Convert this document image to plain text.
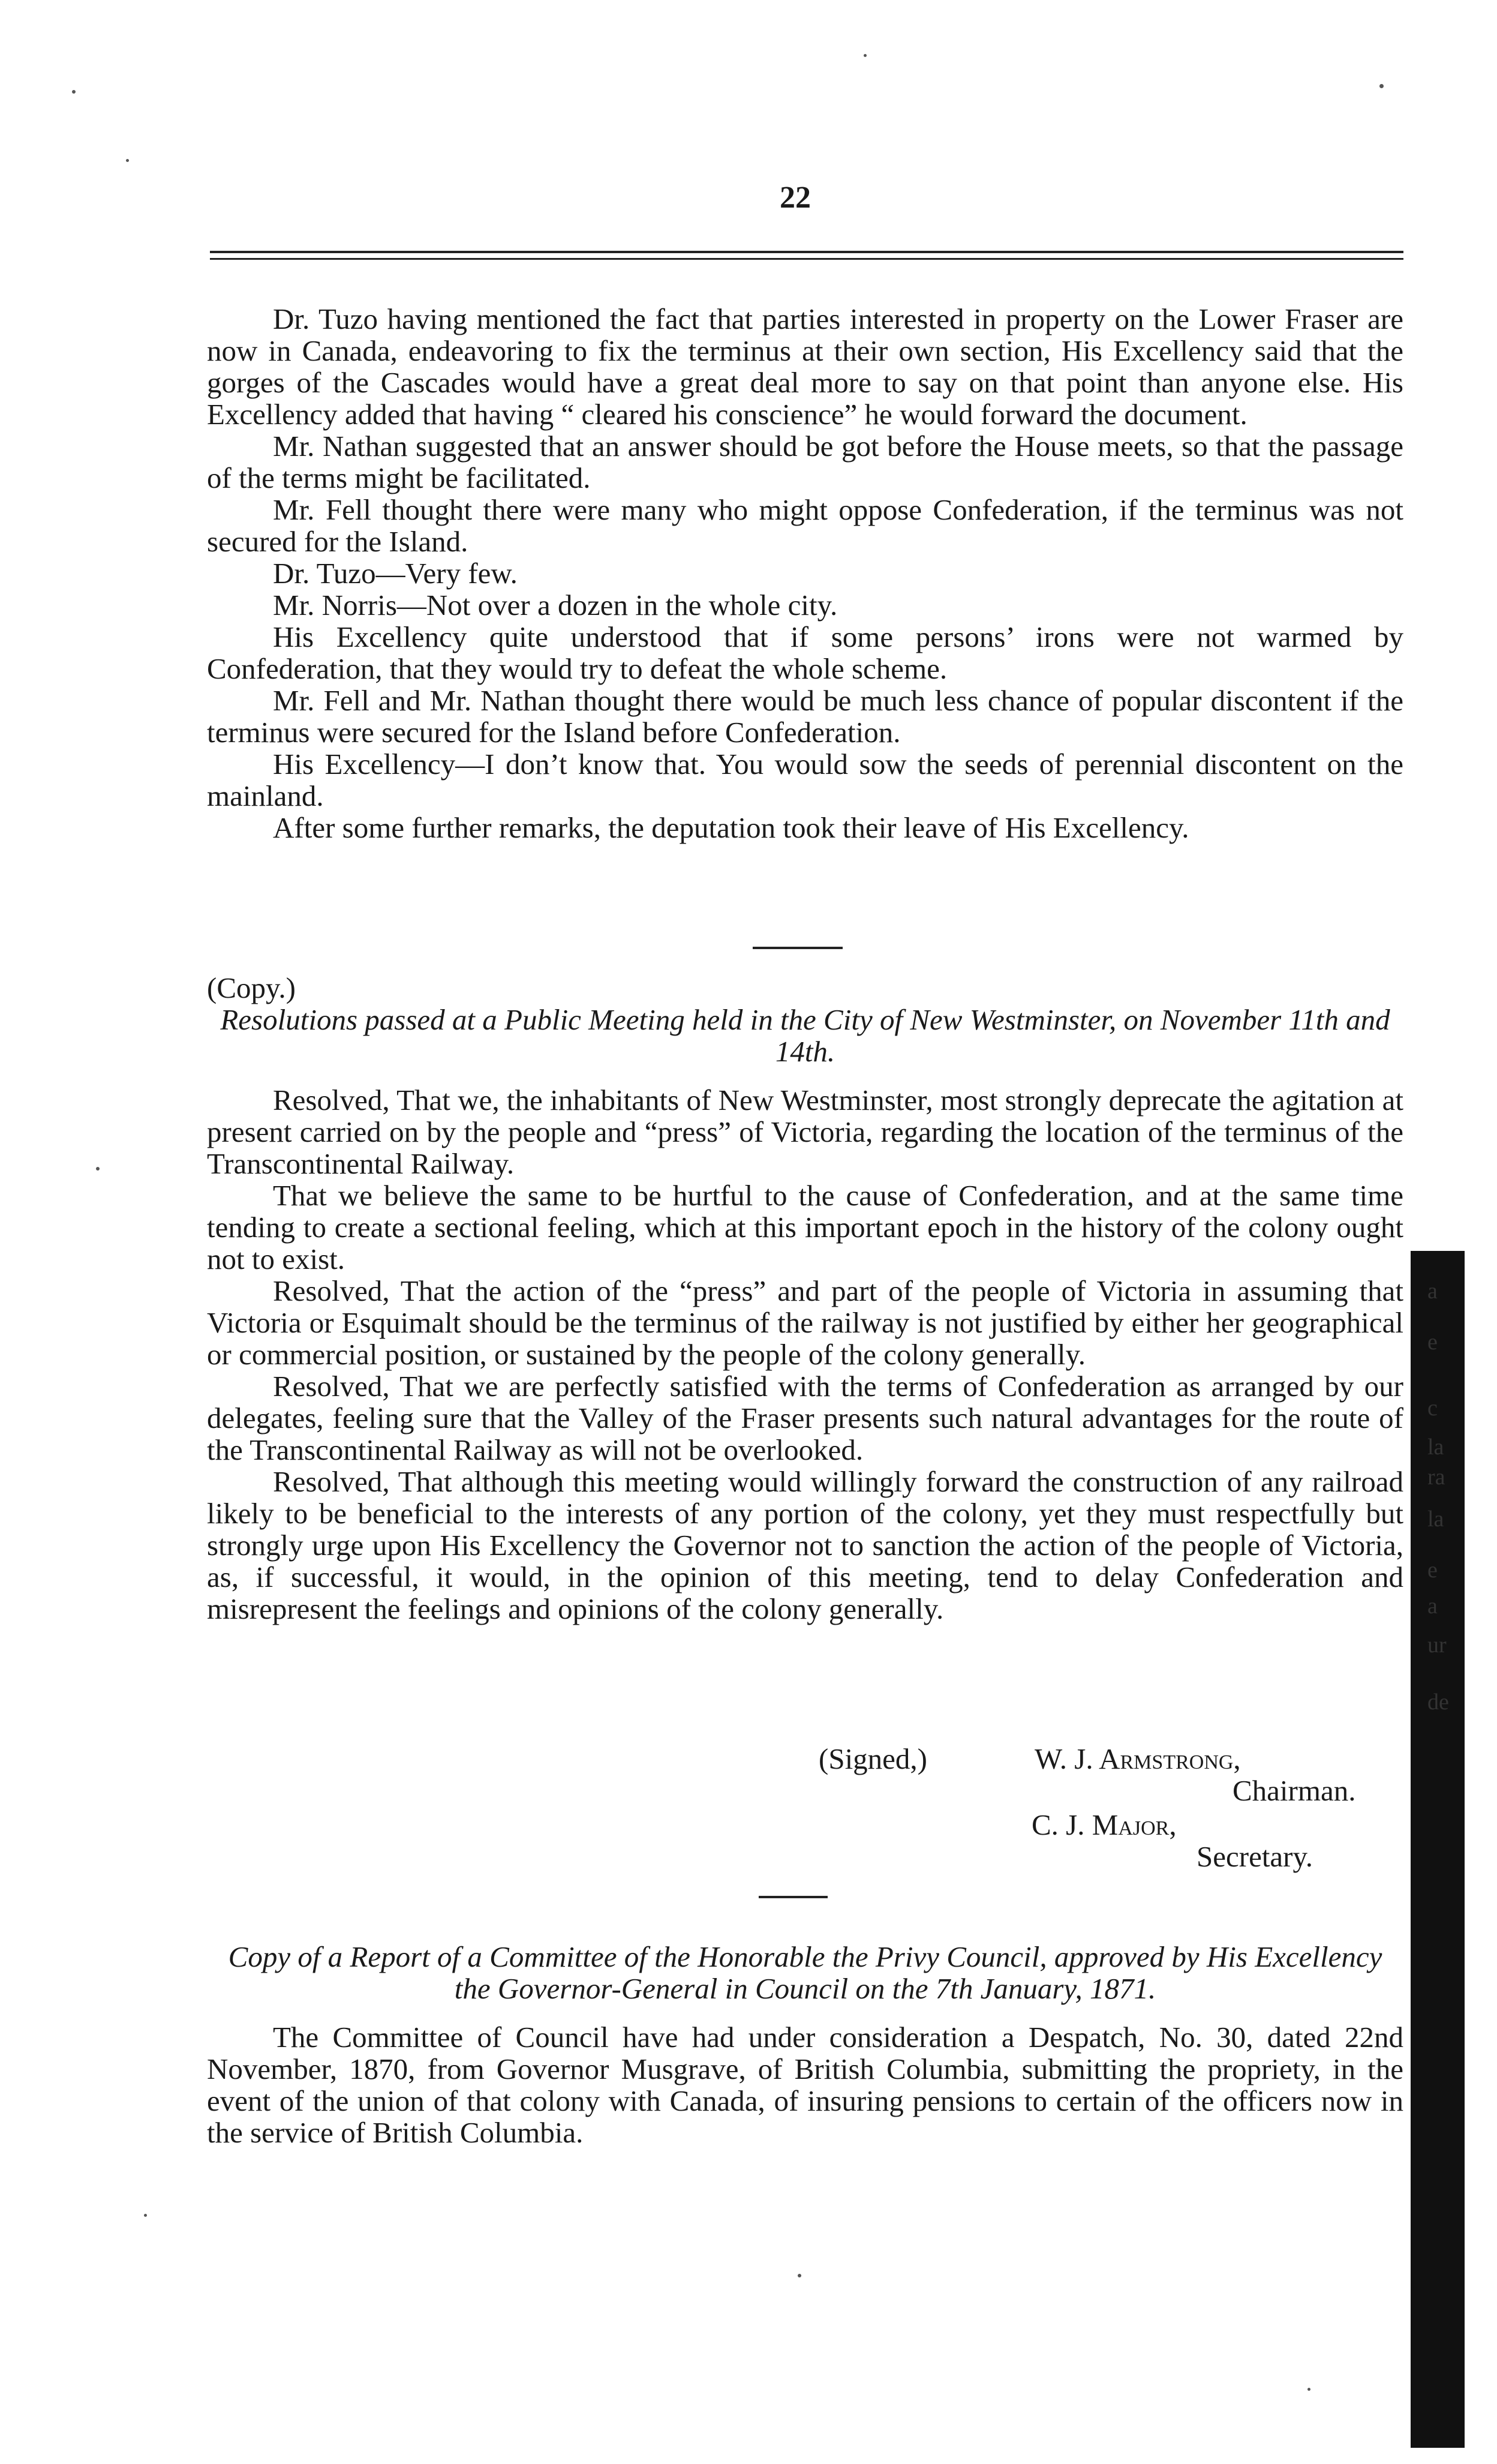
22

Dr. Tuzo having mentioned the fact that parties interested in property on the Lower Fraser are now in Canada, endeavoring to fix the terminus at their own section, His Excellency said that the gorges of the Cascades would have a great deal more to say on that point than anyone else. His Excellency added that having “ cleared his conscience” he would forward the document.

Mr. Nathan suggested that an answer should be got before the House meets, so that the passage of the terms might be facilitated.

Mr. Fell thought there were many who might oppose Confederation, if the terminus was not secured for the Island.

Dr. Tuzo—Very few.

Mr. Norris—Not over a dozen in the whole city.

His Excellency quite understood that if some persons’ irons were not warmed by Confederation, that they would try to defeat the whole scheme.

Mr. Fell and Mr. Nathan thought there would be much less chance of popular discontent if the terminus were secured for the Island before Confederation.

His Excellency—I don’t know that. You would sow the seeds of perennial discontent on the mainland.

After some further remarks, the deputation took their leave of His Excellency.

(Copy.)

Resolutions passed at a Public Meeting held in the City of New Westminster, on November 11th and 14th.

Resolved, That we, the inhabitants of New Westminster, most strongly deprecate the agitation at present carried on by the people and “press” of Victoria, regarding the location of the terminus of the Transcontinental Railway.

That we believe the same to be hurtful to the cause of Confederation, and at the same time tending to create a sectional feeling, which at this important epoch in the history of the colony ought not to exist.

Resolved, That the action of the “press” and part of the people of Victoria in assuming that Victoria or Esquimalt should be the terminus of the railway is not justified by either her geographical or commercial position, or sustained by the people of the colony generally.

Resolved, That we are perfectly satisfied with the terms of Confederation as arranged by our delegates, feeling sure that the Valley of the Fraser presents such natural advantages for the route of the Transcontinental Railway as will not be overlooked.

Resolved, That although this meeting would willingly forward the construction of any railroad likely to be beneficial to the interests of any portion of the colony, yet they must respectfully but strongly urge upon His Excellency the Governor not to sanction the action of the people of Victoria, as, if successful, it would, in the opinion of this meeting, tend to delay Confederation and misrepresent the feelings and opinions of the colony generally.

(Signed,)	W. J. Armstrong,
Chairman.
C. J. Major,
Secretary.

Copy of a Report of a Committee of the Honorable the Privy Council, approved by His Excellency the Governor-General in Council on the 7th January, 1871.

The Committee of Council have had under consideration a Despatch, No. 30, dated 22nd November, 1870, from Governor Musgrave, of British Columbia, submitting the propriety, in the event of the union of that colony with Canada, of insuring pensions to certain of the officers now in the service of British Columbia.

a
e
c
la
ra
la
e
a
ur
de
